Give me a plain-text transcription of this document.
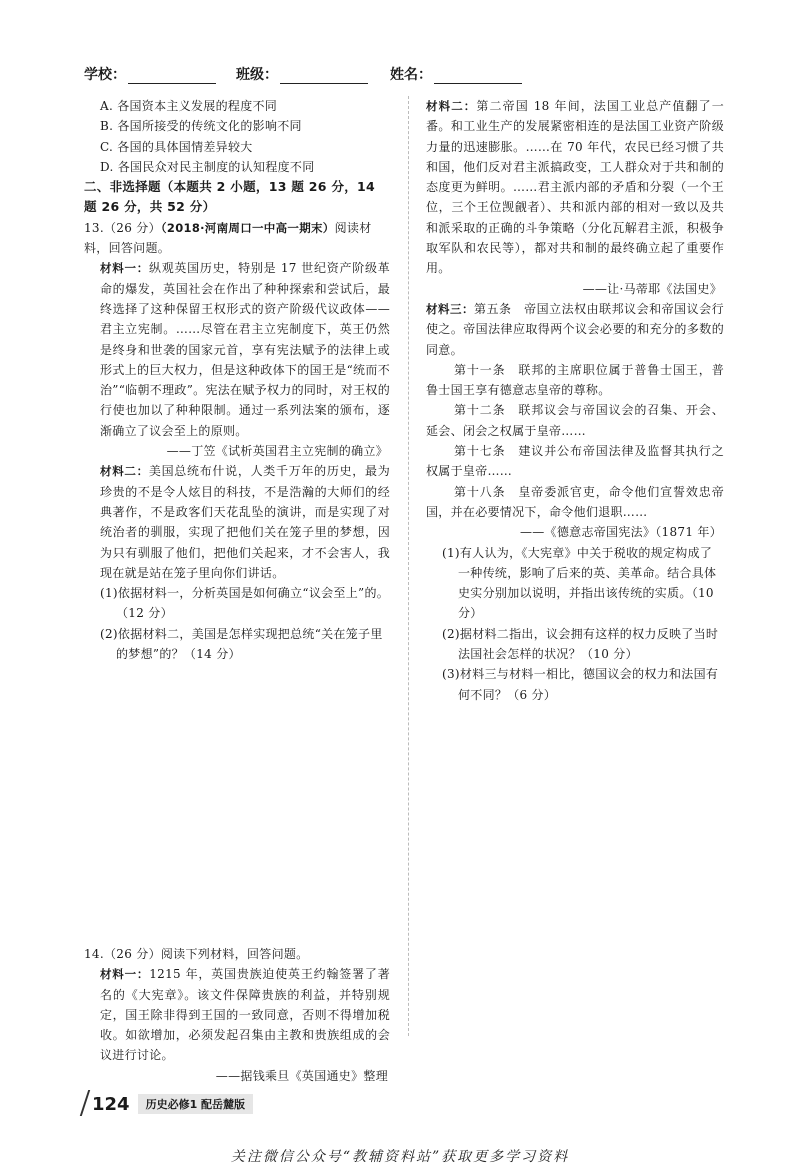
学校：	班级：	姓名：

A. 各国资本主义发展的程度不同

B. 各国所接受的传统文化的影响不同

C. 各国的具体国情差异较大

D. 各国民众对民主制度的认知程度不同

二、非选择题（本题共 2 小题，13 题 26 分，14 题 26 分，共 52 分）

13.（26 分）（2018·河南周口一中高一期末）阅读材料，回答问题。

材料一：纵观英国历史，特别是 17 世纪资产阶级革命的爆发，英国社会在作出了种种探索和尝试后，最终选择了这种保留王权形式的资产阶级代议政体——君主立宪制。……尽管在君主立宪制度下，英王仍然是终身和世袭的国家元首，享有宪法赋予的法律上或形式上的巨大权力，但是这种政体下的国王是“统而不治”“临朝不理政”。宪法在赋予权力的同时，对王权的行使也加以了种种限制。通过一系列法案的颁布，逐渐确立了议会至上的原则。

——丁笠《试析英国君主立宪制的确立》

材料二：美国总统布什说，人类千万年的历史，最为珍贵的不是令人炫目的科技，不是浩瀚的大师们的经典著作，不是政客们天花乱坠的演讲，而是实现了对统治者的驯服，实现了把他们关在笼子里的梦想，因为只有驯服了他们，把他们关起来，才不会害人，我现在就是站在笼子里向你们讲话。

(1)依据材料一，分析英国是如何确立“议会至上”的。（12 分）

(2)依据材料二，美国是怎样实现把总统“关在笼子里的梦想”的？（14 分）

14.（26 分）阅读下列材料，回答问题。

材料一：1215 年，英国贵族迫使英王约翰签署了著名的《大宪章》。该文件保障贵族的利益，并特别规定，国王除非得到王国的一致同意，否则不得增加税收。如欲增加，必须发起召集由主教和贵族组成的会议进行讨论。

——据钱乘旦《英国通史》整理

材料二：第二帝国 18 年间，法国工业总产值翻了一番。和工业生产的发展紧密相连的是法国工业资产阶级力量的迅速膨胀。……在 70 年代，农民已经习惯了共和国，他们反对君主派搞政变，工人群众对于共和制的态度更为鲜明。……君主派内部的矛盾和分裂（一个王位，三个王位觊觎者）、共和派内部的相对一致以及共和派采取的正确的斗争策略（分化瓦解君主派，积极争取军队和农民等），都对共和制的最终确立起了重要作用。

——让·马蒂耶《法国史》

材料三：第五条　帝国立法权由联邦议会和帝国议会行使之。帝国法律应取得两个议会必要的和充分的多数的同意。

第十一条　联邦的主席职位属于普鲁士国王，普鲁士国王享有德意志皇帝的尊称。

第十二条　联邦议会与帝国议会的召集、开会、延会、闭会之权属于皇帝……

第十七条　建议并公布帝国法律及监督其执行之权属于皇帝……

第十八条　皇帝委派官吏，命令他们宣誓效忠帝国，并在必要情况下，命令他们退职……

——《德意志帝国宪法》（1871 年）

(1)有人认为，《大宪章》中关于税收的规定构成了一种传统，影响了后来的英、美革命。结合具体史实分别加以说明，并指出该传统的实质。（10 分）

(2)据材料二指出，议会拥有这样的权力反映了当时法国社会怎样的状况？（10 分）

(3)材料三与材料一相比，德国议会的权力和法国有何不同？（6 分）

124	历史必修1 配岳麓版
关注微信公众号“教辅资料站”获取更多学习资料
